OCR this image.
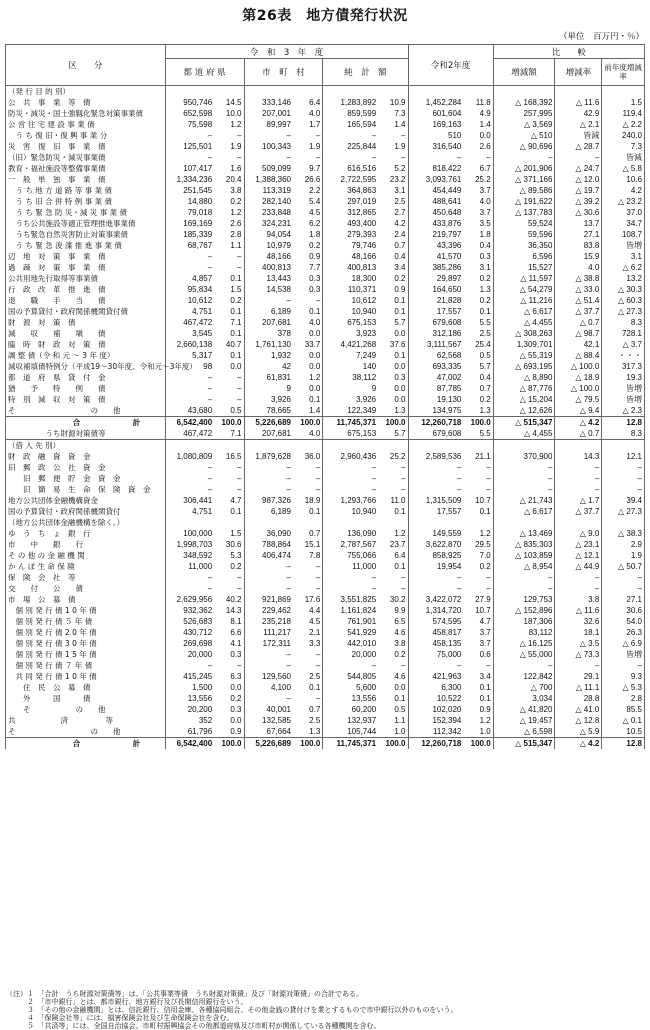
第26表　地方債発行状況
（単位　百万円・％）
区　　分	令　和　3　年　度						令和2年度		比　　較		
	都 道 府 県		市　町　村		純　計　額				増減額	増減率	前年度増減率
（発 行 目 的 別）											
公　共　事　業　等　債	950,746	14.5	333,146	6.4	1,283,892	10.9	1,452,284	11.8	△ 168,392	△ 11.6	1.5
防災・減災・国土強靱化緊急対策事業債	652,598	10.0	207,001	4.0	859,599	7.3	601,604	4.9	257,995	42.9	119.4
公 営 住 宅 建 設 事 業 債	75,598	1.2	89,997	1.7	165,594	1.4	169,163	1.4	△ 3,569	△ 2.1	△ 2.2
　う ち 復 旧・復 興 事 業 分	–	–	–	–	–	–	510	0.0	△ 510	皆減	240.0
災　害　復　旧　事　業　債	125,501	1.9	100,343	1.9	225,844	1.9	316,540	2.6	△ 90,696	△ 28.7	7.3
（旧）緊急防災・減災事業債	–	–	–	–	–	–	–	–	–	–	皆減
教育・福祉施設等整備事業債	107,417	1.6	509,099	9.7	616,516	5.2	818,422	6.7	△ 201,906	△ 24.7	△ 5.8
一　般　単　独　事　業　債	1,334,236	20.4	1,388,360	26.6	2,722,595	23.2	3,093,761	25.2	△ 371,166	△ 12.0	10.6
　う ち 地 方 道 路 等 事 業 債	251,545	3.8	113,319	2.2	364,863	3.1	454,449	3.7	△ 89,586	△ 19.7	4.2
　う ち 旧 合 併 特 例 事 業 債	14,880	0.2	282,140	5.4	297,019	2.5	488,641	4.0	△ 191,622	△ 39.2	△ 23.2
　う ち 緊 急 防 災・減 災 事 業 債	79,018	1.2	233,848	4.5	312,865	2.7	450,648	3.7	△ 137,783	△ 30.6	37.0
　うち公共施設等適正管理推進事業債	169,169	2.6	324,231	6.2	493,400	4.2	433,876	3.5	59,524	13.7	34.7
　うち緊急自然災害防止対策事業債	185,339	2.8	94,054	1.8	279,393	2.4	219,797	1.8	59,596	27.1	108.7
　う ち 緊 急 浚 渫 推 進 事 業 債	68,767	1.1	10,979	0.2	79,746	0.7	43,396	0.4	36,350	83.8	皆増
辺　地　対　策　事　業　債	–	–	48,166	0.9	48,166	0.4	41,570	0.3	6,596	15.9	3.1
過　疎　対　策　事　業　債	–	–	400,813	7.7	400,813	3.4	385,286	3.1	15,527	4.0	△ 6.2
公共用地先行取得等事業債	4,857	0.1	13,443	0.3	18,300	0.2	29,897	0.2	△ 11,597	△ 38.8	13.2
行　政　改　革　推　進　債	95,834	1.5	14,538	0.3	110,371	0.9	164,650	1.3	△ 54,279	△ 33.0	△ 30.3
退　　職　　手　　当　　債	10,612	0.2	–	–	10,612	0.1	21,828	0.2	△ 11,216	△ 51.4	△ 60.3
国の予算貸付・政府関係機関貸付債	4,751	0.1	6,189	0.1	10,940	0.1	17,557	0.1	△ 6,617	△ 37.7	△ 27.3
財　源　対　策　債	467,472	7.1	207,681	4.0	675,153	5.7	679,608	5.5	△ 4,455	△ 0.7	8.3
減　　収　　補　　塡　　債	3,545	0.1	378	0.0	3,923	0.0	312,186	2.5	△ 308,263	△ 98.7	728.1
臨　時　財　政　対　策　債	2,660,138	40.7	1,761,130	33.7	4,421,268	37.6	3,111,567	25.4	1,309,701	42.1	△ 3.7
調 整 債（令 和 元 ～ 3 年 度）	5,317	0.1	1,932	0.0	7,249	0.1	62,568	0.5	△ 55,319	△ 88.4	・・・
減収補填債特例分（平成19～30年度、令和元～3年度）	98	0.0	42	0.0	140	0.0	693,335	5.7	△ 693,195	△ 100.0	317.3
都　道　府　県　貸　付　金	–	–	61,831	1.2	38,112	0.3	47,002	0.4	△ 8,890	△ 18.9	19.3
猶　　予　　特　　例　　債	–	–	9	0.0	9	0.0	87,785	0.7	△ 87,776	△ 100.0	皆増
特　別　減　収　対　策　債	–	–	3,926	0.1	3,926	0.0	19,130	0.2	△ 15,204	△ 79.5	皆増
そ　　　　　　　　　　の　　他	43,680	0.5	78,665	1.4	122,349	1.3	134,975	1.3	△ 12,626	△ 9.4	△ 2.3
合　計	6,542,400	100.0	5,226,689	100.0	11,745,371	100.0	12,260,718	100.0	△ 515,347	△ 4.2	12.8
　　　　　うち財源対策債等	467,472	7.1	207,681	4.0	675,153	5.7	679,608	5.5	△ 4,455	△ 0.7	8.3
（借 入 先 別）											
財　政　融　資　資　金	1,080,809	16.5	1,879,628	36.0	2,960,436	25.2	2,589,536	21.1	370,900	14.3	12.1
旧　郵　政　公　社　資　金	–	–	–	–	–	–	–	–	–	–	–
　　旧　郵　便　貯　金　資　金	–	–	–	–	–	–	–	–	–	–	–
　　旧　簡　易　生　命　保　険　資　金	–	–	–	–	–	–	–	–	–	–	–
地方公共団体金融機構資金	306,441	4.7	987,326	18.9	1,293,766	11.0	1,315,509	10.7	△ 21,743	△ 1.7	39.4
国の予算貸付・政府関係機関貸付	4,751	0.1	6,189	0.1	10,940	0.1	17,557	0.1	△ 6,617	△ 37.7	△ 27.3
（地方公共団体金融機構を除く。）											
ゆ　う　ち　ょ　銀　行	100,000	1.5	36,090	0.7	136,090	1.2	149,559	1.2	△ 13,469	△ 9.0	△ 38.3
市　　中　　銀　　行	1,998,703	30.6	788,864	15.1	2,787,567	23.7	3,622,870	29.5	△ 835,303	△ 23.1	2.9
そ の 他 の 金 融 機 関	348,592	5.3	406,474	7.8	755,066	6.4	858,925	7.0	△ 103,859	△ 12.1	1.9
か ん ぽ 生 命 保 険	11,000	0.2	–	–	11,000	0.1	19,954	0.2	△ 8,954	△ 44.9	△ 50.7
保　険　会　社　等	–	–	–	–	–	–	–	–	–	–	–
交　　付　　公　　債	–	–	–	–	–	–	–	–	–	–	–
市　場　公　募　債	2,629,956	40.2	921,869	17.6	3,551,825	30.2	3,422,072	27.9	129,753	3.8	27.1
　個 別 発 行 債 1 0 年 債	932,362	14.3	229,462	4.4	1,161,824	9.9	1,314,720	10.7	△ 152,896	△ 11.6	30.6
　個 別 発 行 債 ５ 年 債	526,683	8.1	235,218	4.5	761,901	6.5	574,595	4.7	187,306	32.6	54.0
　個 別 発 行 債 2 0 年 債	430,712	6.6	111,217	2.1	541,929	4.6	458,817	3.7	83,112	18.1	26.3
　個 別 発 行 債 3 0 年 債	269,698	4.1	172,311	3.3	442,010	3.8	458,135	3.7	△ 16,125	△ 3.5	△ 6.9
　個 別 発 行 債 1 5 年 債	20,000	0.3	–	–	20,000	0.2	75,000	0.6	△ 55,000	△ 73.3	皆増
　個 別 発 行 債 ７ 年 債	–	–	–	–	–	–	–	–	–	–	–
　共 同 発 行 債 1 0 年 債	415,245	6.3	129,560	2.5	544,805	4.6	421,963	3.4	122,842	29.1	9.3
　　住　民　公　募　債	1,500	0.0	4,100	0.1	5,600	0.0	6,300	0.1	△ 700	△ 11.1	△ 5.3
　　外　　　国　　　債	13,556	0.2	–	–	13,556	0.1	10,522	0.1	3,034	28.8	2.8
　　そ　　　　　　の　　他	20,200	0.3	40,001	0.7	60,200	0.5	102,020	0.9	△ 41,820	△ 41.0	85.5
共　　　　　　済　　　　　等	352	0.0	132,585	2.5	132,937	1.1	152,394	1.2	△ 19,457	△ 12.8	△ 0.1
そ　　　　　　　　　　の　　他	61,796	0.9	67,664	1.3	105,744	1.0	112,342	1.0	△ 6,598	△ 5.9	10.5
合　計	6,542,400	100.0	5,226,689	100.0	11,745,371	100.0	12,260,718	100.0	△ 515,347	△ 4.2	12.8
（注）１　「合計　うち財源対策債等」は、「公共事業等債　うち財源対策債」及び「財源対策債」の合計である。
　　　２　「市中銀行」とは、都市銀行、地方銀行及び長期信用銀行をいう。
　　　３　「その他の金融機関」とは、信託銀行、信用金庫、各種協同組合、その他金銭の貸付けを業とするもので市中銀行以外のものをいう。
　　　４　「保険会社等」には、損害保険会社及び生命保険会社を含む。
　　　５　「共済等」には、全国自治協会、市町村振興協会その他都道府県及び市町村が関係している各種機関を含む。
